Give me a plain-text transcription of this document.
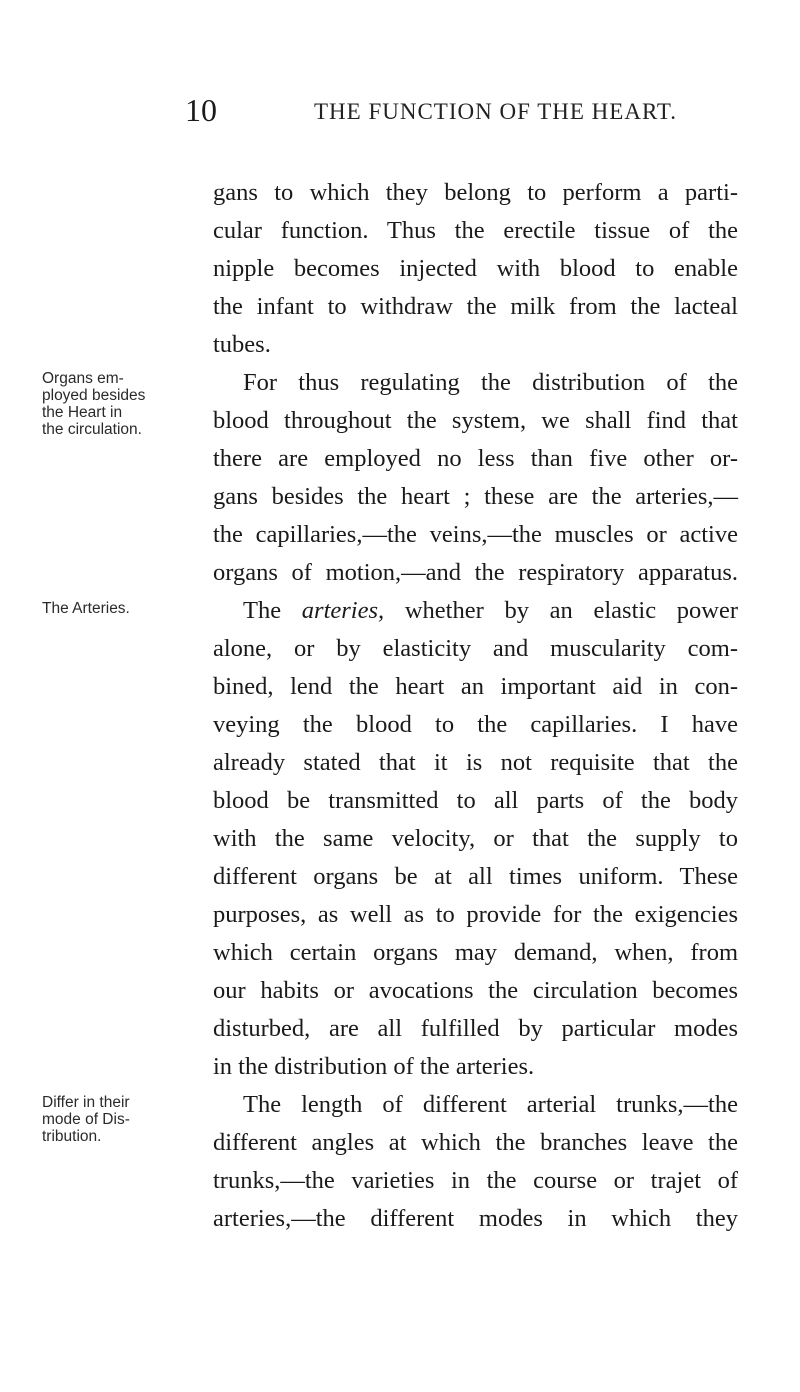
10	THE FUNCTION OF THE HEART.
gans to which they belong to perform a parti-
cular function. Thus the erectile tissue of the
nipple becomes injected with blood to enable
the infant to withdraw the milk from the lacteal
tubes.
For thus regulating the distribution of the
blood throughout the system, we shall find that
there are employed no less than five other or-
gans besides the heart ; these are the arteries,—
the capillaries,—the veins,—the muscles or active
organs of motion,—and the respiratory apparatus.
The arteries, whether by an elastic power
alone, or by elasticity and muscularity com-
bined, lend the heart an important aid in con-
veying the blood to the capillaries. I have
already stated that it is not requisite that the
blood be transmitted to all parts of the body
with the same velocity, or that the supply to
different organs be at all times uniform. These
purposes, as well as to provide for the exigencies
which certain organs may demand, when, from
our habits or avocations the circulation becomes
disturbed, are all fulfilled by particular modes
in the distribution of the arteries.
The length of different arterial trunks,—the
different angles at which the branches leave the
trunks,—the varieties in the course or trajet of
arteries,—the different modes in which they
Organs em-
ployed besides
the Heart in
the circulation.
The Arteries.
Differ in their
mode of Dis-
tribution.
